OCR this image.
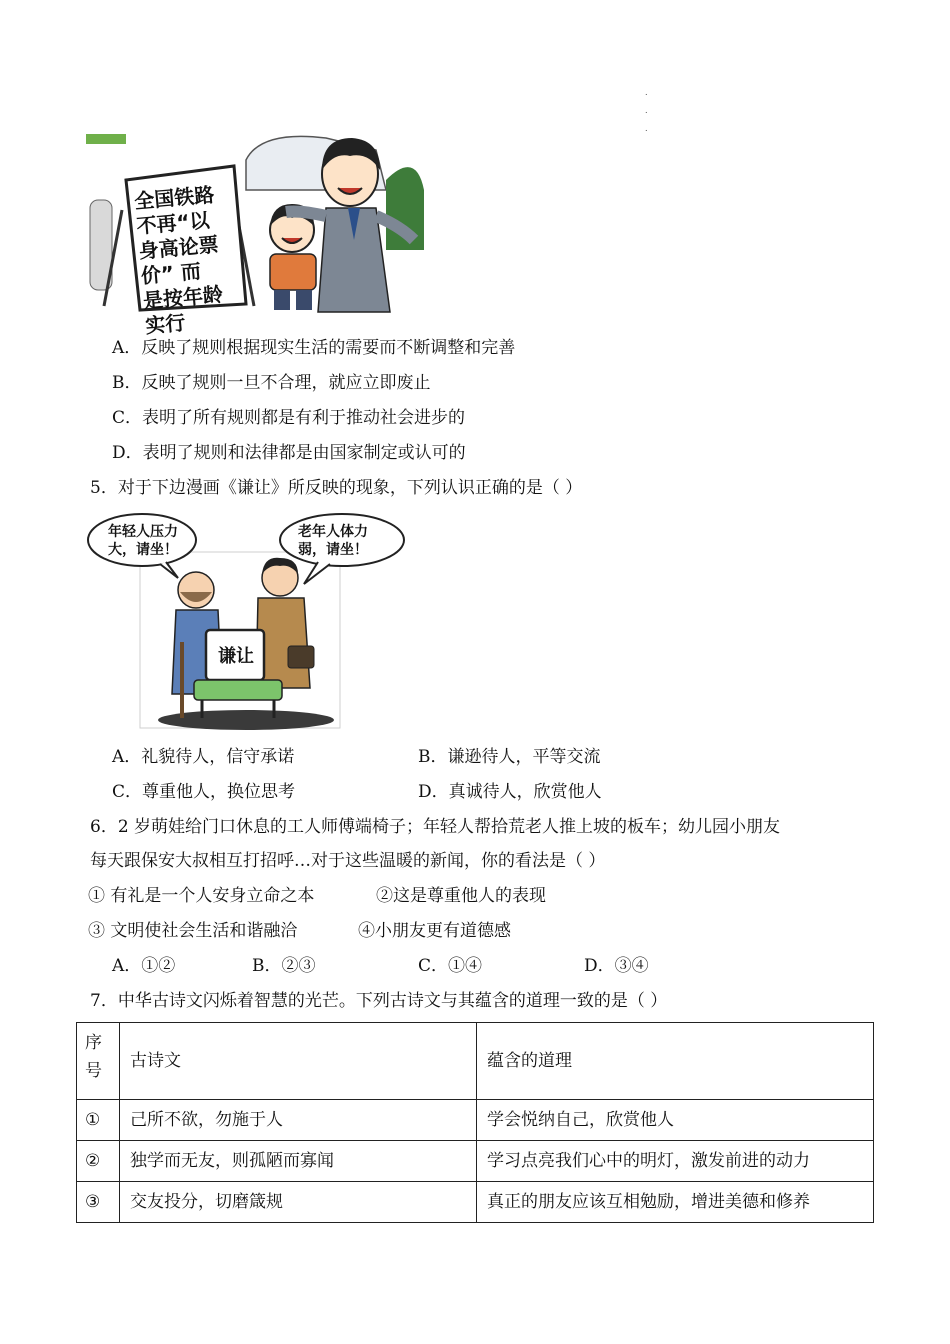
.
.
.
全国铁路
不再“以
身高论票
价” 而
是按年龄
实行
A．反映了规则根据现实生活的需要而不断调整和完善
B．反映了规则一旦不合理，就应立即废止
C．表明了所有规则都是有利于推动社会进步的
D．表明了规则和法律都是由国家制定或认可的
5．对于下边漫画《谦让》所反映的现象，下列认识正确的是（ ）
年轻人压力
大，请坐！
老年人体力
弱，请坐！
谦让
A．礼貌待人，信守承诺	B．谦逊待人，平等交流
C．尊重他人，换位思考	D．真诚待人，欣赏他人
6．2 岁萌娃给门口休息的工人师傅端椅子；年轻人帮拾荒老人推上坡的板车；幼儿园小朋友
每天跟保安大叔相互打招呼…对于这些温暖的新闻，你的看法是（ ）
① 有礼是一个人安身立命之本	②这是尊重他人的表现
③ 文明使社会生活和谐融洽	④小朋友更有道德感
A．①②	B．②③	C．①④	D．③④
7．中华古诗文闪烁着智慧的光芒。下列古诗文与其蕴含的道理一致的是（ ）
序号	古诗文	蕴含的道理
①	己所不欲，勿施于人	学会悦纳自己，欣赏他人
②	独学而无友，则孤陋而寡闻	学习点亮我们心中的明灯，激发前进的动力
③	交友投分，切磨箴规	真正的朋友应该互相勉励，增进美德和修养
